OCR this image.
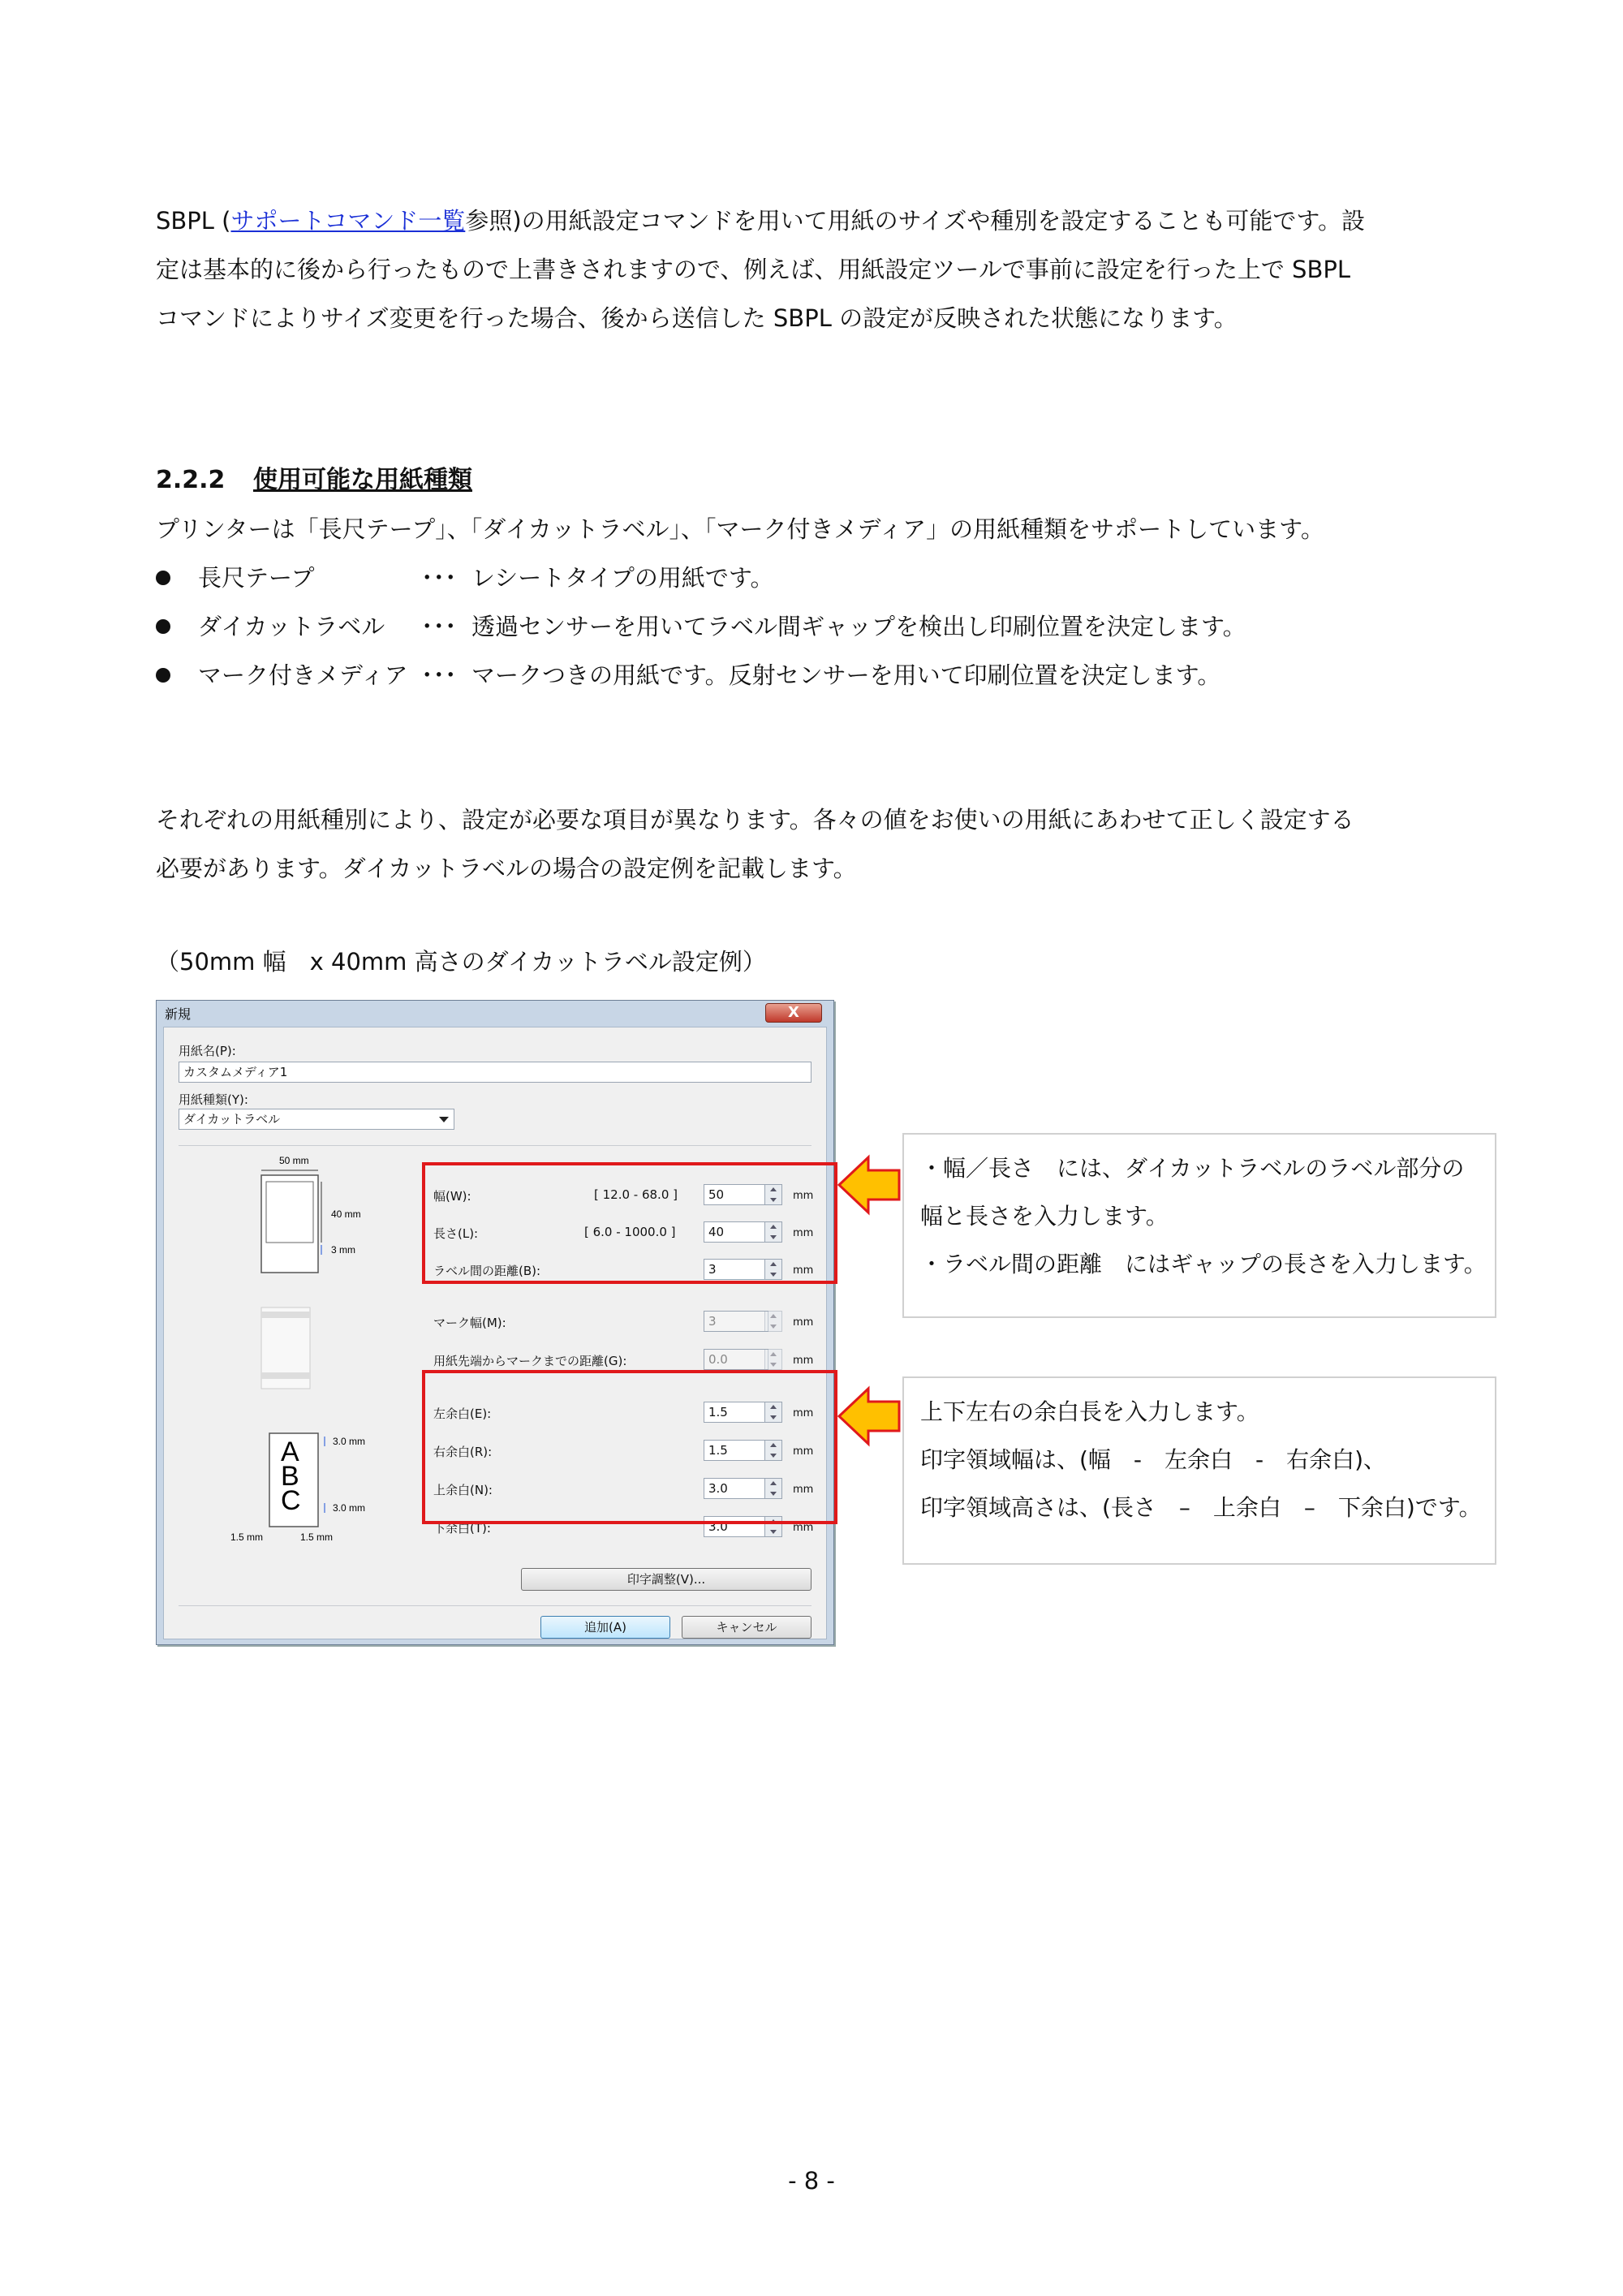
SBPL (サポートコマンド一覧参照)の用紙設定コマンドを用いて用紙のサイズや種別を設定することも可能です。設
定は基本的に後から行ったもので上書きされますので、例えば、用紙設定ツールで事前に設定を行った上で SBPL
コマンドによりサイズ変更を行った場合、後から送信した SBPL の設定が反映された状態になります。
2.2.2 使用可能な用紙種類
プリンターは「長尺テープ」、「ダイカットラベル」、「マーク付きメディア」の用紙種類をサポートしています。
長尺テープ	･･･ レシートタイプの用紙です。
ダイカットラベル ･･･ 透過センサーを用いてラベル間ギャップを検出し印刷位置を決定します。
マーク付きメディア ･･･ マークつきの用紙です。反射センサーを用いて印刷位置を決定します。
それぞれの用紙種別により、設定が必要な項目が異なります。各々の値をお使いの用紙にあわせて正しく設定する
必要があります。ダイカットラベルの場合の設定例を記載します。
（50mm 幅　x 40mm 高さのダイカットラベル設定例）
新規	X
用紙名(P):
カスタムメディア1
用紙種類(Y):
ダイカットラベル
50 mm
40 mm
3 mm
A
B
C
3.0 mm
3.0 mm
1.5 mm	1.5 mm
幅(W):	[ 12.0 - 68.0 ]	50	mm
長さ(L):	[ 6.0 - 1000.0 ]	40	mm
ラベル間の距離(B):	3	mm
マーク幅(M):	3	mm
用紙先端からマークまでの距離(G):	0.0	mm
左余白(E):	1.5	mm
右余白(R):	1.5	mm
上余白(N):	3.0	mm
下余白(T):	3.0	mm
印字調整(V)...
追加(A)	キャンセル
・幅／長さ　には、ダイカットラベルのラベル部分の
幅と長さを入力します。
・ラベル間の距離　にはギャップの長さを入力します。
上下左右の余白長を入力します。
印字領域幅は、(幅　-　左余白　-　右余白)、
印字領域高さは、(長さ　–　上余白　–　下余白)です。
- 8 -
